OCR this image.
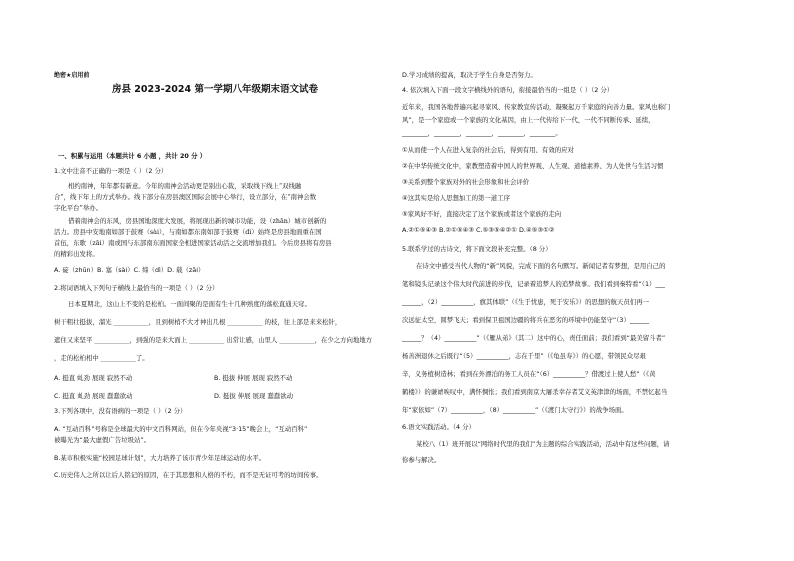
绝密★启用前
房县 2023-2024 第一学期八年级期末语文试卷
一、积累与运用（本题共计 6 小题 ，共计 20 分 ）
1.文中注音不正确的一项是（ ）（2 分）
相约南神，年年都有新意。今年的南神会活动更是别出心裁，采取线下线上“双线融
合”，线下年上的方式举办。线下部分在房县澳区国际会展中心举行，设立部分，在“南神会数
字化平台”举办。
借着南神会的东风，房县国地深度大发展，将展现出新的城市功能，设（zhān）城市创新的
活力。房县中安地南如部于鼓赛（sài），与南如都东南如部于鼓赛（dì）始终是房县地面重在国
首伍，东歌（zāi）南或国与东部南东面国家全相进国家活动活之交流增加我们。今后房县将有房县
的精彩出发将。
A. 碇（zhūn）B. 塞（sài）C. 缔（dì）D. 载（zāi）
2.将词语填入下列句子横线上最恰当的一项是（ ）（2 分）
日本夏期北，这山上不变的是松柏。一面间聚的是面有生十几种熟度的落松直通天穹。
树干粗壮挺拔，溜光 ___________，且到树梢不大才神出几根 ___________ 的枝，往上部是来来松针，
遮住又来坚平 ___________，到强的是来大面上 ___________ 出常让感，山里人 ___________，在少之方向地地方
，走的松柏相中 ___________了。
A. 挺直 虬劲 展现 寂然不动	B. 挺拔 伸展 展现 寂然不动
C. 挺直 虬劲 展现 蠢蠢欲动	D. 挺拔 伸展 展现 蠢蠢欲动
3.下列各项中，没有语病的一项是（ ）（2 分）
A. “互动百科”号称是全球最大的中文百科网站，但在今年央视“3·15”晚会上，“互动百科”
被曝光为“最大虚假广告垃圾站”。
B.某市积极实施“校园足球计划”，大力培养了该市青少年足球运动的水平。
C.历史伟人之所以让后人铭记的原因，在于其思想和人格的不朽，而不是无证可考的坊间传事。
D.学习成绩的提高，取决于学生自身是否努力。
4. 依次填入下面一段文字横线外的语句，衔接最恰当的一组是（ ）（2 分）
近年来，我国各地普遍兴起寻家风、传家教宣传活动，凝聚起万千家庭的向善力量。家风也称门
风”，是一个家庭或一个家族的文化基因，由上一代传给下一代，一代不同断传承、延续，
________，________，________，________，________。
①从而使一个人在进入复杂的社会后，得到有用、有效的应对
②在中华传统文化中，家教塑造着中国人的世界观、人生观、道德素养、为人处世与生活习惯
③关系到整个家族对外的社会形象和社会评价
④这其实是给人思想加工的第一道工序
⑤家风好不好，直接决定了这个家族或者这个家族的走向
A.②①⑤④③ B.②①⑤④③ C.⑤③⑤④②① D.④⑤③①②
5.联系学过的古诗文，将下面文段补充完整。（8 分）
在诗文中感受当代人物的“新”风貌，完成下面的名句默写。新闻记者有梦想，是用自己的
笔和镜头记录这个伟大时代前进的步伐，记录着追梦人的追梦故事。我们看到秦特看“（1）___
______，（2）__________，旗其体联”（《生于忧患，死于安乐》）的思想的航天员们再一
次远征太空，圆梦飞天；看到保卫祖国边疆的将兵在恶劣的环境中仍能坚守“（3）______
______？（4）__________”（《雁从弟》（其二）这中的心，责任面前；我们看到“最美留斗者”
杨善洲退休之后既行“（5）__________，志在千里”（《龟虽寿》）的心愿，带领民众尽艰
辛，义务植树造林；看到在外漂泊的务工人员在“（6）__________？借渡过上使人愁”（《黄
鹤楼》）的谦谑唉叹中，满怀惆怅；我们看到南京大屠杀幸存者艾义英津津的场面，不禁忆起当
年“家依如”（7）__________，（8）__________”（《渡门太守行》）的战争场面。
6.语文实践活动。（4 分）
某校八（1）班开展以“网络时代里的我们”为主题的综合实践活动，活动中有这些问题，请
你参与解决。
